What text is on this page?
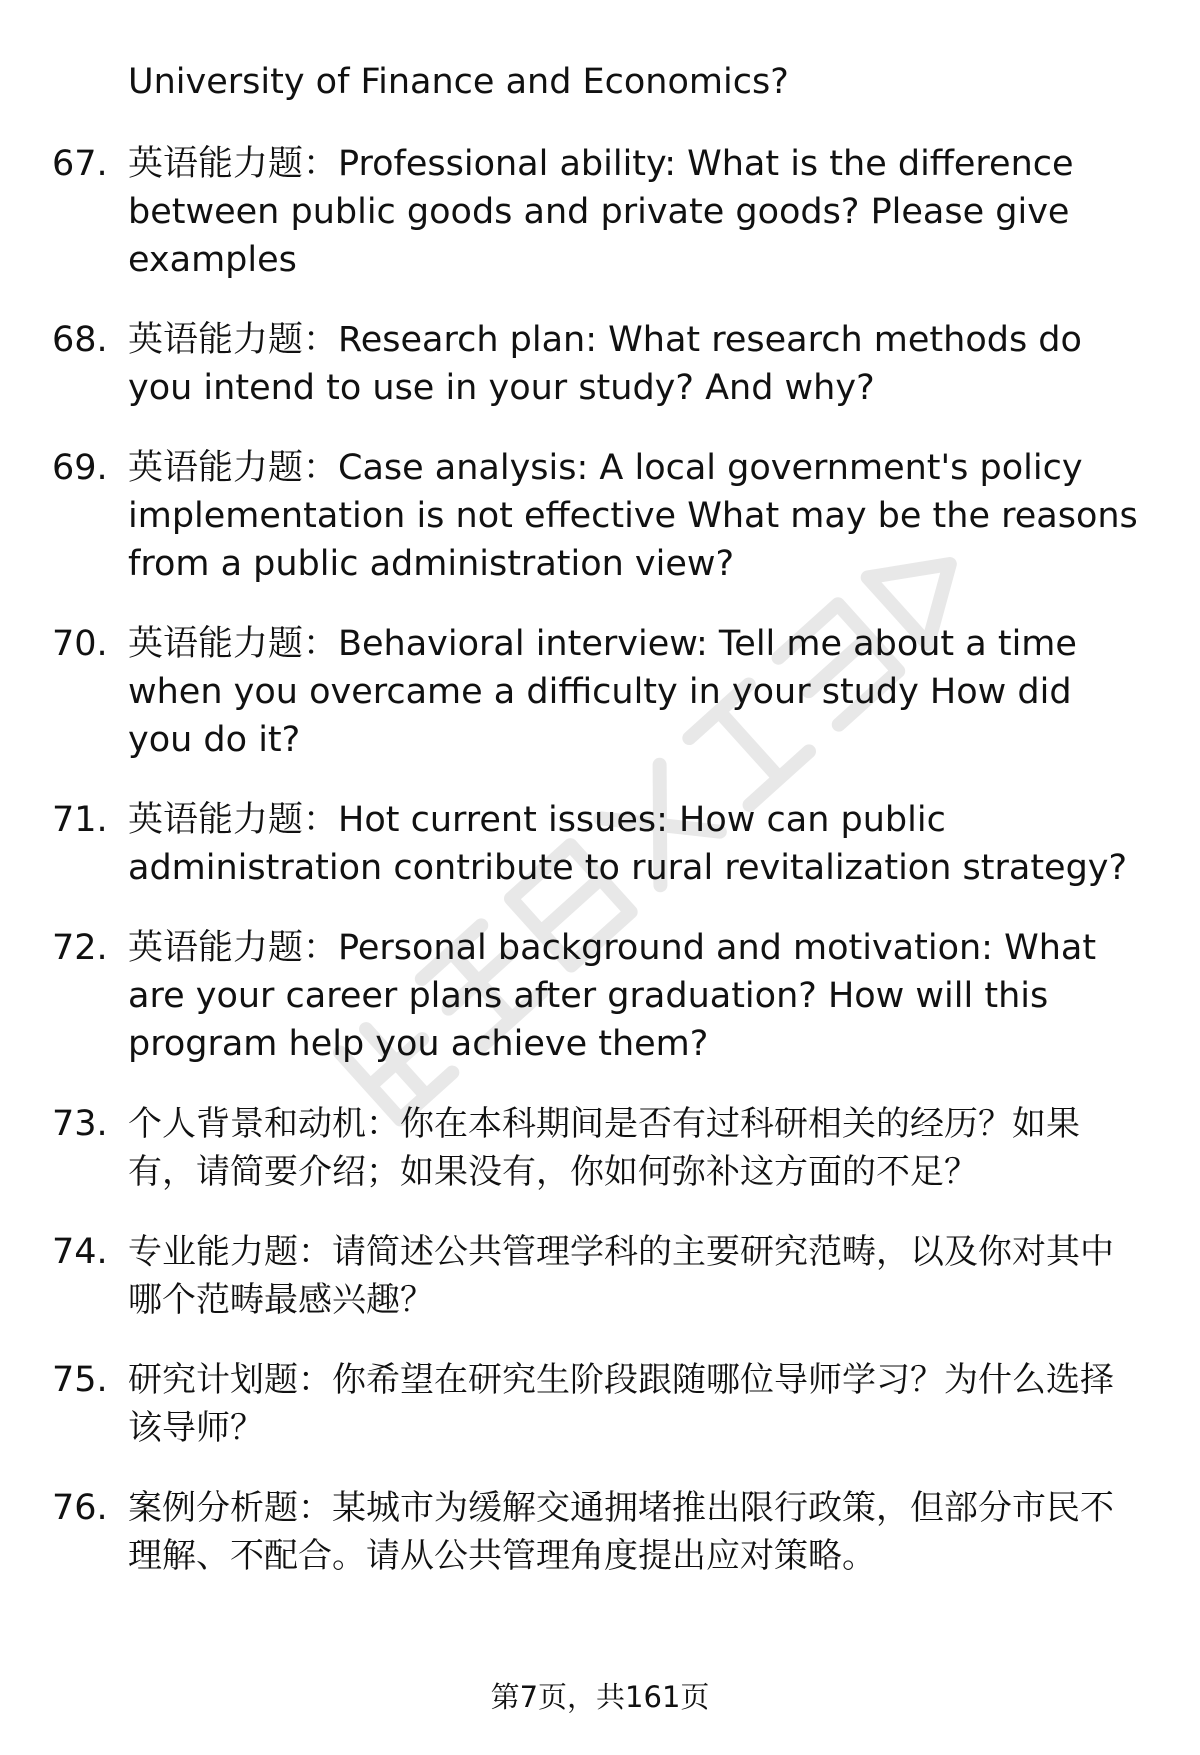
University of Finance and Economics?
67. 英语能力题：Professional ability: What is the difference between public goods and private goods? Please give examples
68. 英语能力题：Research plan: What research methods do you intend to use in your study? And why?
69. 英语能力题：Case analysis: A local government's policy implementation is not effective What may be the reasons from a public administration view?
70. 英语能力题：Behavioral interview: Tell me about a time when you overcame a difficulty in your study How did you do it?
71. 英语能力题：Hot current issues: How can public administration contribute to rural revitalization strategy?
72. 英语能力题：Personal background and motivation: What are your career plans after graduation? How will this program help you achieve them?
73. 个人背景和动机：你在本科期间是否有过科研相关的经历？如果有，请简要介绍；如果没有，你如何弥补这方面的不足？
74. 专业能力题：请简述公共管理学科的主要研究范畴，以及你对其中哪个范畴最感兴趣？
75. 研究计划题：你希望在研究生阶段跟随哪位导师学习？为什么选择该导师？
76. 案例分析题：某城市为缓解交通拥堵推出限行政策，但部分市民不理解、不配合。请从公共管理角度提出应对策略。
第7页，共161页
